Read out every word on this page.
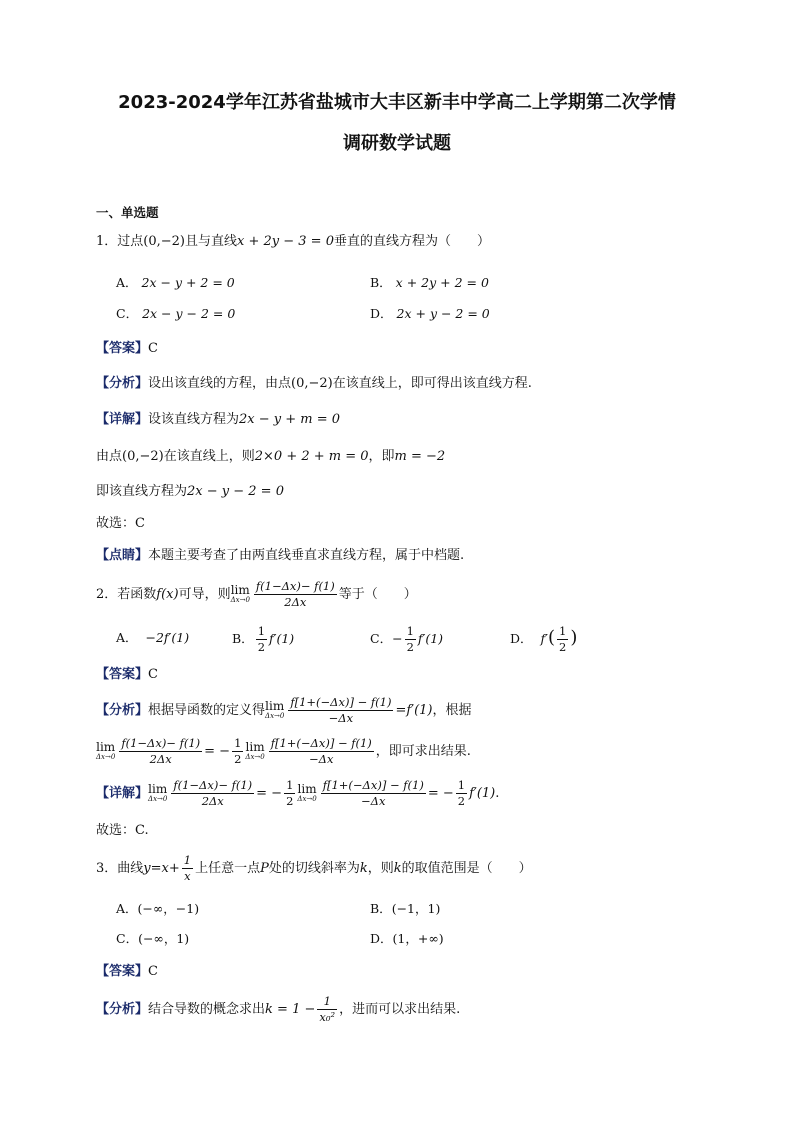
2023-2024学年江苏省盐城市大丰区新丰中学高二上学期第二次学情
调研数学试题
一、单选题
1．过点(0,−2)且与直线x + 2y − 3 = 0垂直的直线方程为（　　）
A． 2x − y + 2 = 0	B． x + 2y + 2 = 0
C． 2x − y − 2 = 0	D． 2x + y − 2 = 0
【答案】C
【分析】设出该直线的方程，由点(0,−2)在该直线上，即可得出该直线方程.
【详解】设该直线方程为2x − y + m = 0
由点(0,−2)在该直线上，则2×0 + 2 + m = 0，即m = −2
即该直线方程为2x − y − 2 = 0
故选：C
【点睛】本题主要考查了由两直线垂直求直线方程，属于中档题.
2．若函数f(x)可导，则 lim
$\Delta x\to 0 \frac{f(1-\Delta x)- f(1)}{2\Delta x}$ 等于（　　）
A． −2f′(1)	B． $\frac{1}{2} f'(1)$	C．− $\frac{1}{2} f'(1)$	D． $f'( \frac{1}{2}$ )
【答案】C
【分析】根据导函数的定义得 lim
$\Delta x\to 0 \frac{f[1+(-\Delta x)] - f(1)}{-\Delta x} =f'(1)$，根据
lim
$\Delta x\to 0 \frac{f(1-\Delta x)- f(1)}{2\Delta x}$ = − $\frac{1}{2}$ lim
$\Delta x\to 0 \frac{f[1+(-\Delta x)] - f(1)}{-\Delta x}$ ，即可求出结果.
【详解】 lim
$\Delta x\to 0 \frac{f(1-\Delta x)- f(1)}{2\Delta x}$ = − $\frac{1}{2}$ lim
$\Delta x\to 0 \frac{f[1+(-\Delta x)] - f(1)}{-\Delta x}$ = − $\frac{1}{2} f'(1)$.
故选：C.
3．曲线$y=x+ \frac{1}{x}$ 上任意一点P处的切线斜率为k，则k的取值范围是（　　）
A．(−∞，−1)	B．(−1，1)
C．(−∞，1)	D．(1，+∞)
【答案】C
【分析】结合导数的概念求出$k = 1 - \frac{1}{\text{x₀²}}$ ，进而可以求出结果.
